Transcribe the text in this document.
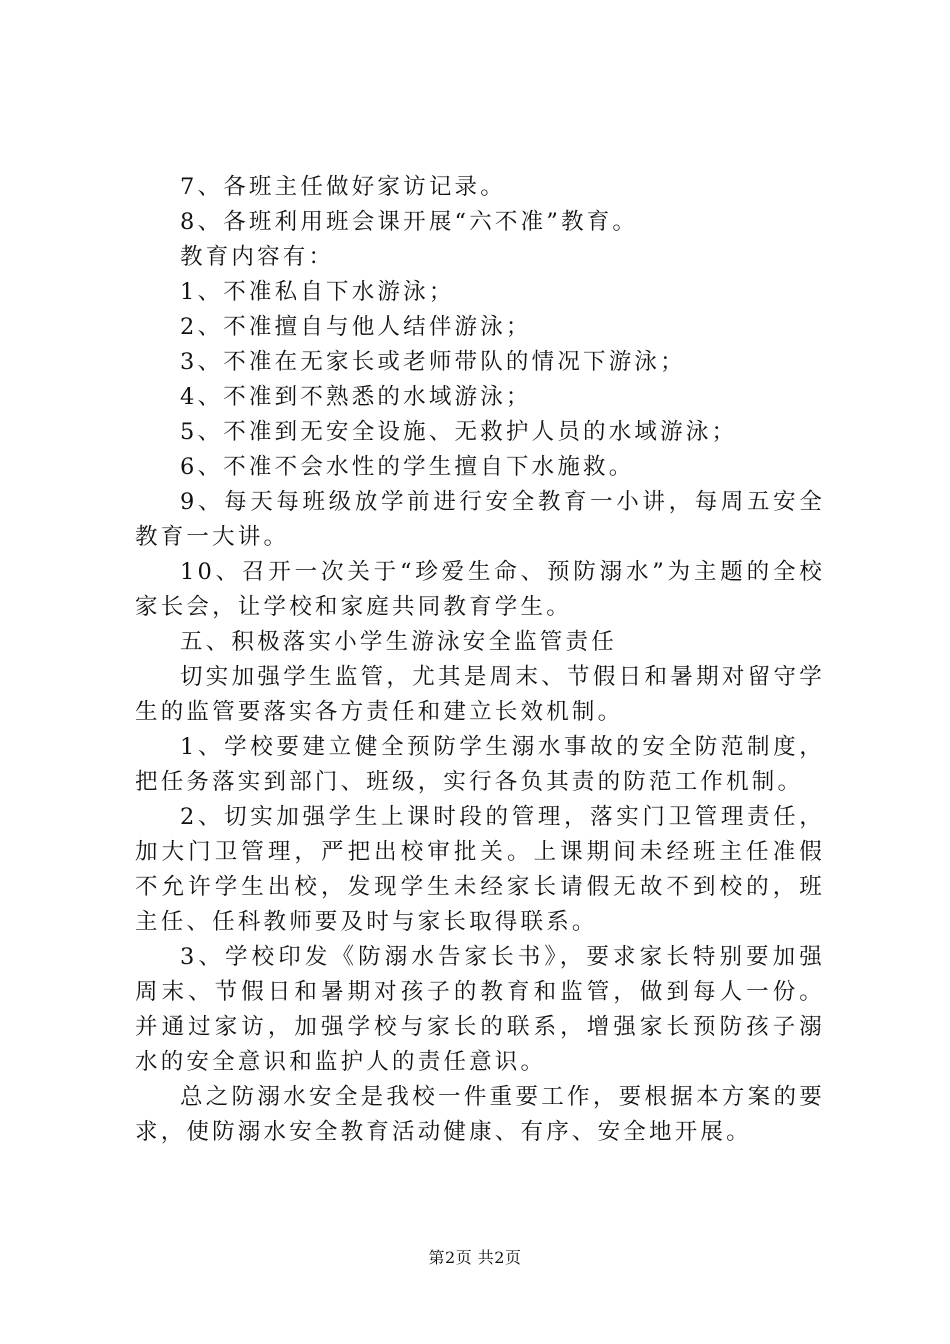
7、各班主任做好家访记录。

8、各班利用班会课开展“六不准”教育。

教育内容有：

1、不准私自下水游泳；

2、不准擅自与他人结伴游泳；

3、不准在无家长或老师带队的情况下游泳；

4、不准到不熟悉的水域游泳；

5、不准到无安全设施、无救护人员的水域游泳；

6、不准不会水性的学生擅自下水施救。

9、每天每班级放学前进行安全教育一小讲，每周五安全教育一大讲。

10、召开一次关于“珍爱生命、预防溺水”为主题的全校家长会，让学校和家庭共同教育学生。

五、积极落实小学生游泳安全监管责任

切实加强学生监管，尤其是周末、节假日和暑期对留守学生的监管要落实各方责任和建立长效机制。

1、学校要建立健全预防学生溺水事故的安全防范制度，把任务落实到部门、班级，实行各负其责的防范工作机制。

2、切实加强学生上课时段的管理，落实门卫管理责任，加大门卫管理，严把出校审批关。上课期间未经班主任准假不允许学生出校，发现学生未经家长请假无故不到校的，班主任、任科教师要及时与家长取得联系。

3、学校印发《防溺水告家长书》，要求家长特别要加强周末、节假日和暑期对孩子的教育和监管，做到每人一份。并通过家访，加强学校与家长的联系，增强家长预防孩子溺水的安全意识和监护人的责任意识。

总之防溺水安全是我校一件重要工作，要根据本方案的要求，使防溺水安全教育活动健康、有序、安全地开展。

第2页 共2页
